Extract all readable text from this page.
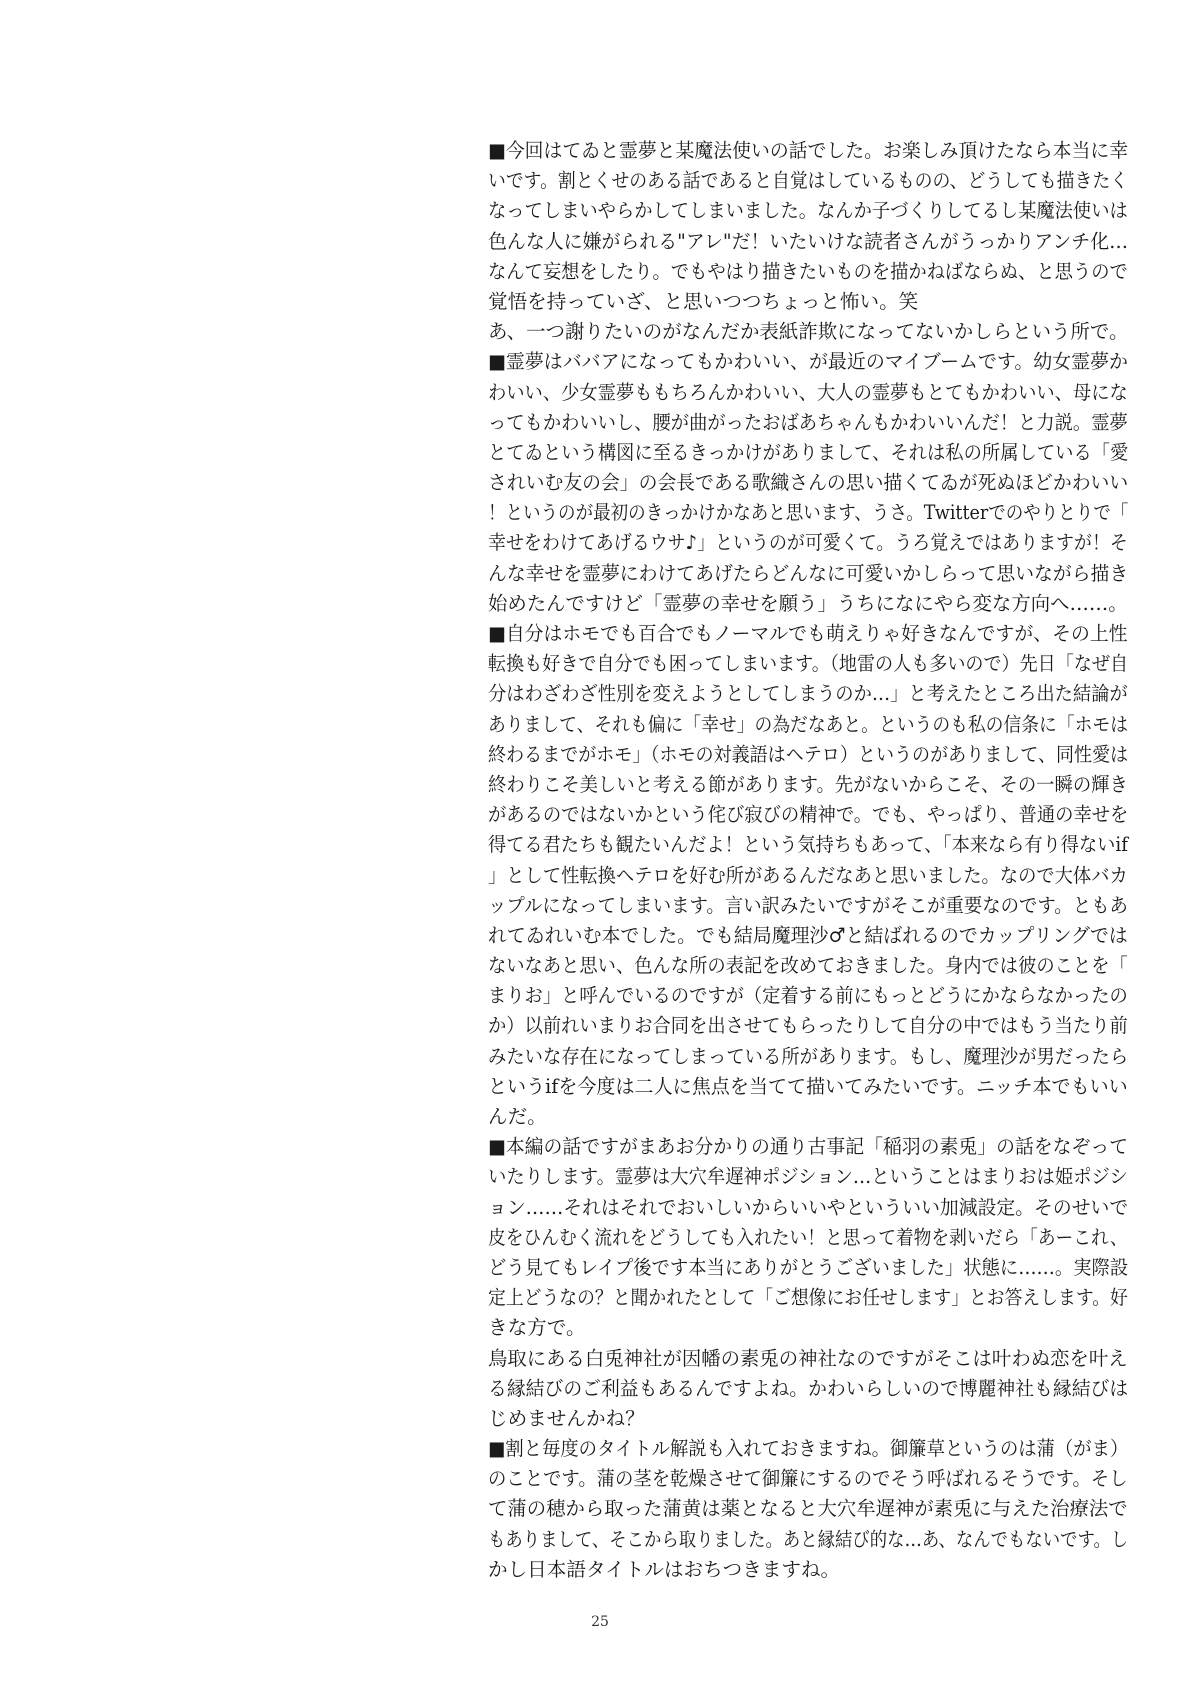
■今回はてゐと霊夢と某魔法使いの話でした。お楽しみ頂けたなら本当に幸
いです。割とくせのある話であると自覚はしているものの、どうしても描きたく
なってしまいやらかしてしまいました。なんか子づくりしてるし某魔法使いは
色んな人に嫌がられる"アレ"だ！いたいけな読者さんがうっかりアンチ化…
なんて妄想をしたり。でもやはり描きたいものを描かねばならぬ、と思うので
覚悟を持っていざ、と思いつつちょっと怖い。笑
あ、一つ謝りたいのがなんだか表紙詐欺になってないかしらという所で。
■霊夢はババアになってもかわいい、が最近のマイブームです。幼女霊夢か
わいい、少女霊夢ももちろんかわいい、大人の霊夢もとてもかわいい、母にな
ってもかわいいし、腰が曲がったおばあちゃんもかわいいんだ！と力説。霊夢
とてゐという構図に至るきっかけがありまして、それは私の所属している「愛
されいむ友の会」の会長である歌織さんの思い描くてゐが死ぬほどかわいい
！というのが最初のきっかけかなあと思います、うさ。Twitterでのやりとりで「
幸せをわけてあげるウサ♪」というのが可愛くて。うろ覚えではありますが！そ
んな幸せを霊夢にわけてあげたらどんなに可愛いかしらって思いながら描き
始めたんですけど「霊夢の幸せを願う」うちになにやら変な方向へ……。
■自分はホモでも百合でもノーマルでも萌えりゃ好きなんですが、その上性
転換も好きで自分でも困ってしまいます。（地雷の人も多いので）先日「なぜ自
分はわざわざ性別を変えようとしてしまうのか…」と考えたところ出た結論が
ありまして、それも偏に「幸せ」の為だなあと。というのも私の信条に「ホモは
終わるまでがホモ」（ホモの対義語はヘテロ）というのがありまして、同性愛は
終わりこそ美しいと考える節があります。先がないからこそ、その一瞬の輝き
があるのではないかという侘び寂びの精神で。でも、やっぱり、普通の幸せを
得てる君たちも観たいんだよ！という気持ちもあって、「本来なら有り得ないif
」として性転換ヘテロを好む所があるんだなあと思いました。なので大体バカ
ップルになってしまいます。言い訳みたいですがそこが重要なのです。ともあ
れてゐれいむ本でした。でも結局魔理沙♂と結ばれるのでカップリングでは
ないなあと思い、色んな所の表記を改めておきました。身内では彼のことを「
まりお」と呼んでいるのですが（定着する前にもっとどうにかならなかったの
か）以前れいまりお合同を出させてもらったりして自分の中ではもう当たり前
みたいな存在になってしまっている所があります。もし、魔理沙が男だったら
というifを今度は二人に焦点を当てて描いてみたいです。ニッチ本でもいい
んだ。
■本編の話ですがまあお分かりの通り古事記「稲羽の素兎」の話をなぞって
いたりします。霊夢は大穴牟遅神ポジション…ということはまりおは姫ポジシ
ョン……それはそれでおいしいからいいやといういい加減設定。そのせいで
皮をひんむく流れをどうしても入れたい！と思って着物を剥いだら「あーこれ、
どう見てもレイプ後です本当にありがとうございました」状態に……。実際設
定上どうなの？と聞かれたとして「ご想像にお任せします」とお答えします。好
きな方で。
鳥取にある白兎神社が因幡の素兎の神社なのですがそこは叶わぬ恋を叶え
る縁結びのご利益もあるんですよね。かわいらしいので博麗神社も縁結びは
じめませんかね？
■割と毎度のタイトル解説も入れておきますね。御簾草というのは蒲（がま）
のことです。蒲の茎を乾燥させて御簾にするのでそう呼ばれるそうです。そし
て蒲の穂から取った蒲黄は薬となると大穴牟遅神が素兎に与えた治療法で
もありまして、そこから取りました。あと縁結び的な…あ、なんでもないです。し
かし日本語タイトルはおちつきますね。
25
